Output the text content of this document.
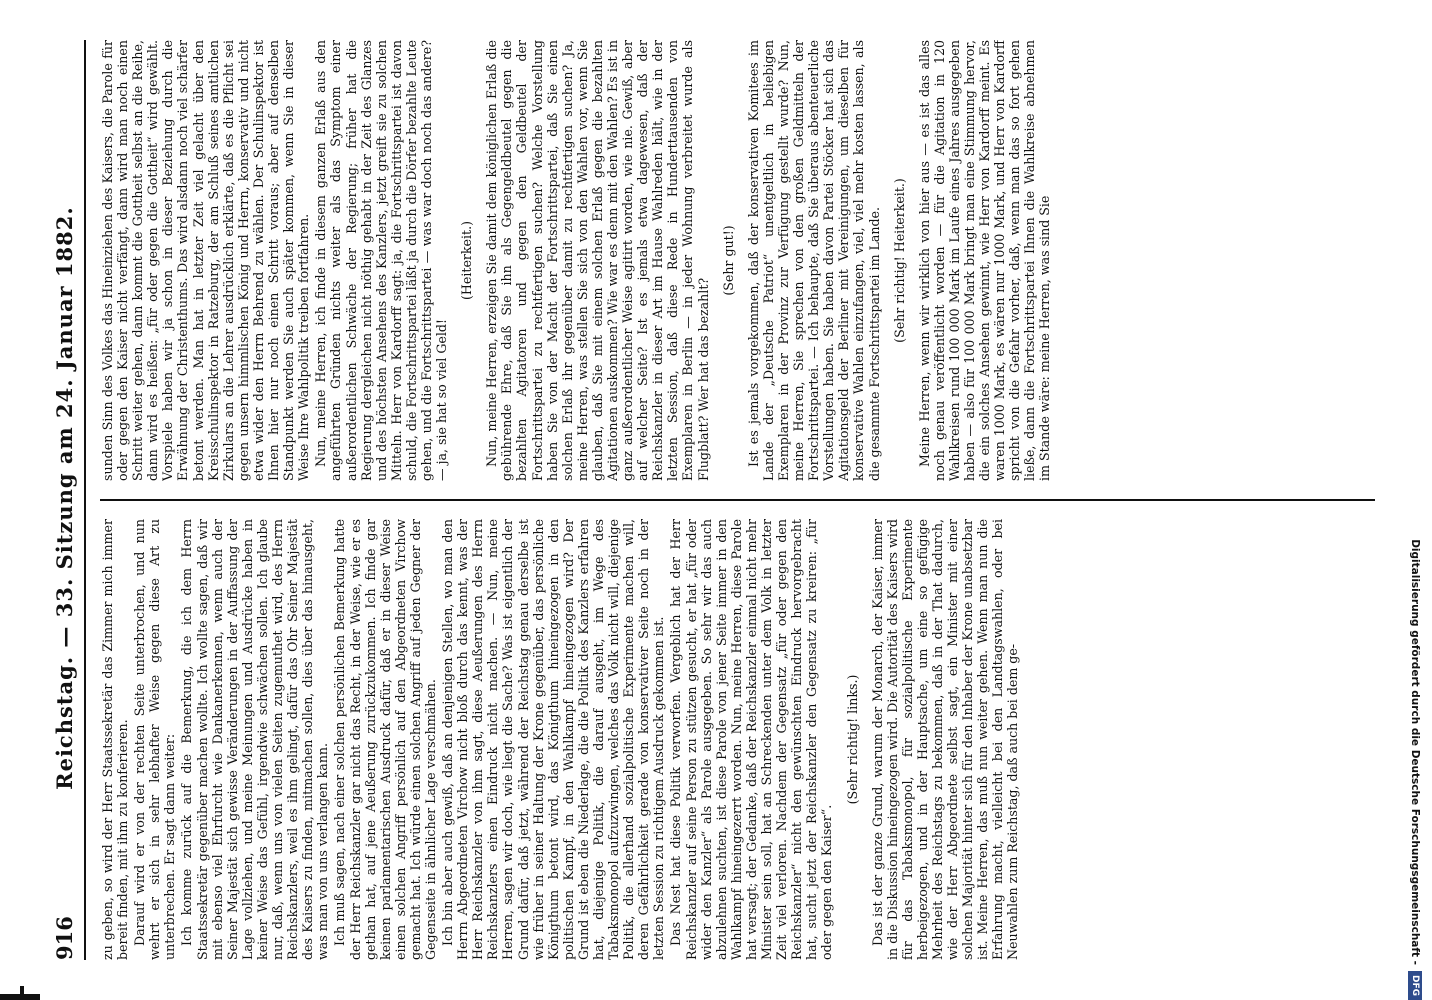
916
Reichstag. — 33. Sitzung am 24. Januar 1882. zu geben, so wird der Herr Staatssekretär das Zimmer mich immer bereit finden, mit ihm zu konferieren. Darauf wird er von der rechten Seite unterbrochen, und nun wehrt er sich in sehr lebhafter Weise gegen diese Art zu unterbrechen. Er sagt dann weiter: Ich komme zurück auf die Bemerkung, die ich dem Herrn Staatssekretär gegenüber machen wollte. Ich wollte sagen, daß wir mit ebenso viel Ehrfurcht wie Dankanerkennen, wenn auch der Seiner Majestät sich gewisse Veränderungen in der Auffassung der Lage vollziehen, und meine Meinungen und Ausdrücke haben in keiner Weise das Gefühl, irgendwie schwächen sollen. Ich glaube nur, daß, wenn uns von vielen Seiten zugemuthet wird, des Herrn Reichskanzlers, weil es ihm gelingt, dafür das Ohr Seiner Majestät des Kaisers zu finden, mitmachen sollen, dies über das hinausgeht, was man von uns verlangen kann. Ich muß sagen, nach einer solchen persönlichen Bemerkung hatte der Herr Reichskanzler gar nicht das Recht, in der Weise, wie er es gethan hat, auf jene Aeußerung zurückzukommen. Ich finde gar keinen parlamentarischen Ausdruck dafür, daß er in dieser Weise einen solchen Angriff persönlich auf den Abgeordneten Virchow gemacht hat. Ich würde einen solchen Angriff auf jeden Gegner der Gegenseite in ähnlicher Lage verschmähen. Ich bin aber auch gewiß, daß an denjenigen Stellen, wo man den Herrn Abgeordneten Virchow nicht bloß durch das kennt, was der Herr Reichskanzler von ihm sagt, diese Aeußerungen des Herrn Reichskanzlers einen Eindruck nicht machen. — Nun, meine Herren, sagen wir doch, wie liegt die Sache? Was ist eigentlich der Grund dafür, daß jetzt, während der Reichstag genau derselbe ist wie früher in seiner Haltung der Krone gegenüber, das persönliche Königthum betont wird, das Königthum hineingezogen in den politischen Kampf, in den Wahlkampf hineingezogen wird? Der Grund ist eben die Niederlage, die die Politik des Kanzlers erfahren hat, diejenige Politik, die darauf ausgeht, im Wege des Tabaksmonopol aufzuzwingen, welches das Volk nicht will, diejenige Politik, die allerhand sozialpolitische Experimente machen will, deren Gefährlichkeit gerade von konservativer Seite noch in der letzten Session zu richtigem Ausdruck gekommen ist. Das Nest hat diese Politik verworfen. Vergeblich hat der Herr Reichskanzler auf seine Person zu stützen gesucht, er hat „für oder wider den Kanzler“ als Parole ausgegeben. So sehr wir das auch abzulehnen suchten, ist diese Parole von jener Seite immer in den Wahlkampf hineingezerrt worden. Nun, meine Herren, diese Parole hat versagt; der Gedanke, daß der Reichskanzler einmal nicht mehr Minister sein soll, hat an Schreckenden unter dem Volk in letzter Zeit viel verloren. Nachdem der Gegensatz „für oder gegen den Reichskanzler“ nicht den gewünschten Eindruck hervorgebracht hat, sucht jetzt der Reichskanzler den Gegensatz zu kreiren: „für oder gegen den Kaiser“.

(Sehr richtig! links.) Das ist der ganze Grund, warum der Monarch, der Kaiser, immer in die Diskussion hineingezogen wird. Die Autorität des Kaisers wird für das Tabaksmonopol, für sozialpolitische Experimente herbeigezogen, und in der Hauptsache, um eine so gefügige Mehrheit des Reichstags zu bekommen, daß in der That dadurch, wie der Herr Abgeordnete selbst sagt, ein Minister mit einer solchen Majorität hinter sich für den Inhaber der Krone unabsetzbar ist. Meine Herren, das muß nun weiter gehen. Wenn man nun die Erfahrung macht, vielleicht bei den Landtagswahlen, oder bei Neuwahlen zum Reichstag, daß auch bei dem ge-

sunden Sinn des Volkes das Hineinziehen des Kaisers, die Parole für oder gegen den Kaiser nicht verfängt, dann wird man noch einen Schritt weiter gehen, dann kommt die Gottheit selbst an die Reihe, dann wird es heißen: „für oder gegen die Gottheit“ wird gewählt. Vorspiele haben wir ja schon in dieser Beziehung durch die Erwähnung der Christenthums. Das wird alsdann noch viel schärfer betont werden. Man hat in letzter Zeit viel gelacht über den Kreisschulinspektor in Ratzeburg, der am Schluß seines amtlichen Zirkulars an die Lehrer ausdrücklich erklärte, daß es die Pflicht sei gegen unsern himmlischen König und Herrn, konservativ und nicht etwa wider den Herrn Behrend zu wählen. Der Schulinspektor ist Ihnen hier nur noch einen Schritt voraus; aber auf denselben Standpunkt werden Sie auch später kommen, wenn Sie in dieser Weise Ihre Wahlpolitik treiben fortfahren. Nun, meine Herren, ich finde in diesem ganzen Erlaß aus den angeführten Gründen nichts weiter als das Symptom einer außerordentlichen Schwäche der Regierung; früher hat die Regierung dergleichen nicht nöthig gehabt in der Zeit des Glanzes und des höchsten Ansehens des Kanzlers, jetzt greift sie zu solchen Mitteln. Herr von Kardorff sagt: ja, die Fortschrittspartei ist davon schuld, die Fortschrittspartei läßt ja durch die Dörfer bezahlte Leute gehen, und die Fortschrittspartei — was war doch noch das andere? — ja, sie hat so viel Geld!

(Heiterkeit.) Nun, meine Herren, erzeigen Sie damit dem königlichen Erlaß die gebührende Ehre, daß Sie ihn als Gegengeldbeutel gegen die bezahlten Agitatoren und gegen den Geldbeutel der Fortschrittspartei zu rechtfertigen suchen? Welche Vorstellung haben Sie von der Macht der Fortschrittspartei, daß Sie einen solchen Erlaß ihr gegenüber damit zu rechtfertigen suchen? Ja, meine Herren, was stellen Sie sich von den Wahlen vor, wenn Sie glauben, daß Sie mit einem solchen Erlaß gegen die bezahlten Agitationen auskommen? Wie war es denn mit den Wahlen? Es ist in ganz außerordentlicher Weise agitirt worden, wie nie. Gewiß, aber auf welcher Seite? Ist es jemals etwa dagewesen, daß der Reichskanzler in dieser Art im Hause Wahlreden hält, wie in der letzten Session, daß diese Rede in Hunderttausenden von Exemplaren in Berlin — in jeder Wohnung verbreitet wurde als Flugblatt? Wer hat das bezahlt?

(Sehr gut!) Ist es jemals vorgekommen, daß der konservativen Komitees im Lande der „Deutsche Patriot“ unentgeltlich in beliebigen Exemplaren in der Provinz zur Verfügung gestellt wurde? Nun, meine Herren, Sie sprechen von den großen Geldmitteln der Fortschrittspartei. — Ich behaupte, daß Sie überaus abenteuerliche Vorstellungen haben. Sie haben davon Partei Stöcker hat sich das Agitationsgeld der Berliner mit Vereinigungen, um dieselben für konservative Wahlen einzufangen, viel, viel mehr kosten lassen, als die gesammte Fortschrittspartei im Lande. (Sehr richtig! Heiterkeit.) Meine Herren, wenn wir wirklich von hier aus — es ist das alles noch genau veröffentlicht worden — für die Agitation in 120 Wahlkreisen rund 100 000 Mark im Laufe eines Jahres ausgegeben haben — also für 100 000 Mark bringt man eine Stimmung hervor, die ein solches Ansehen gewinnt, wie Herr von Kardorff meint. Es waren 1000 Mark, es wären nur 1000 Mark, und Herr von Kardorff spricht von die Gefahr vorher, daß, wenn man das so fort gehen ließe, dann die Fortschrittspartei Ihnen die Wahlkreise abnehmen im Stande wäre: meine Herren, was sind Sie

Digitalisierung gefördert durch die Deutsche Forschungsgemeinschaft -
DFG
